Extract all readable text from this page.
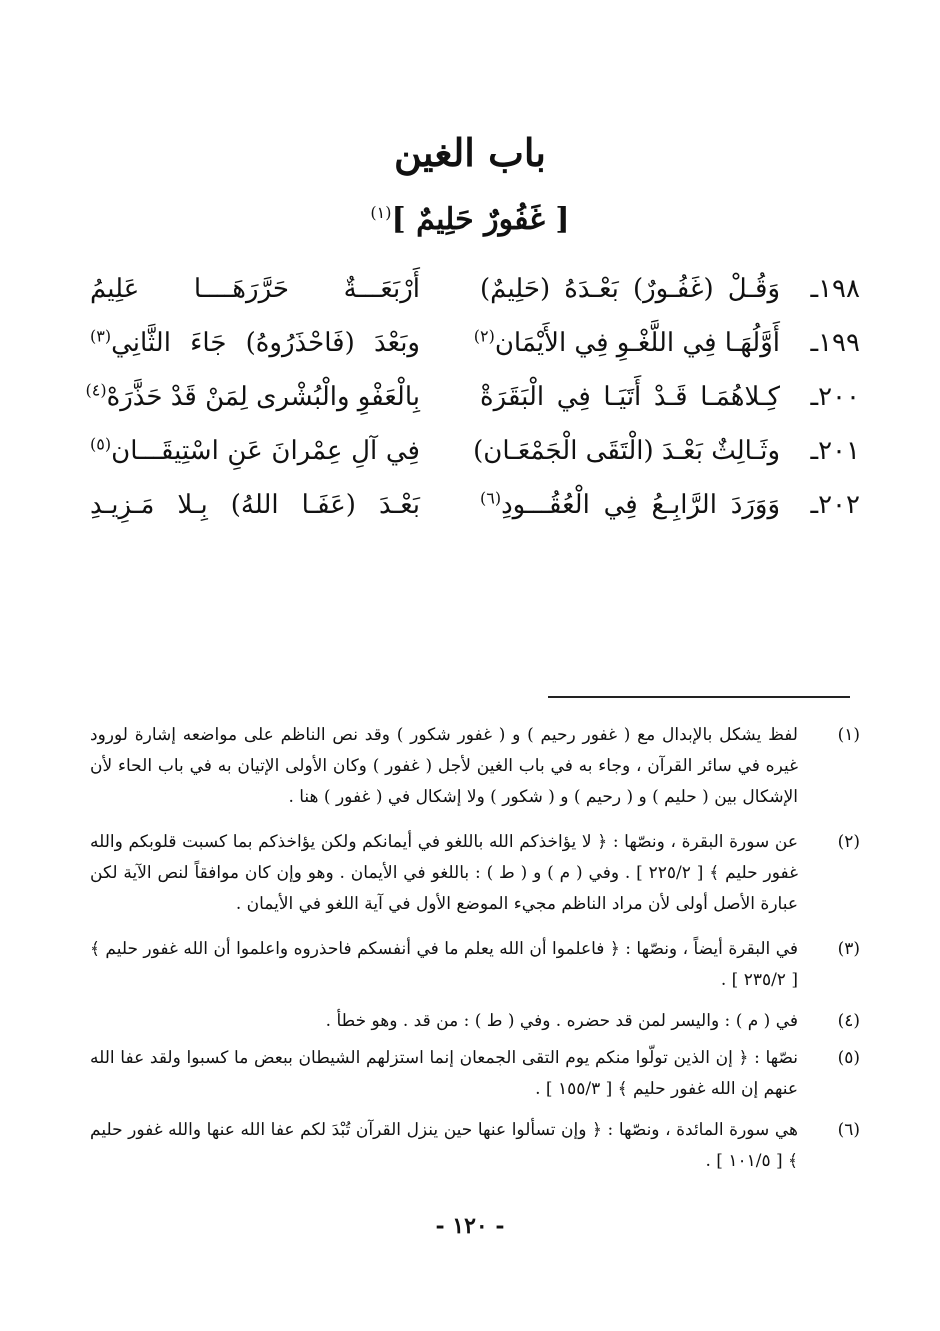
باب الغين
[ غَفُورٌ حَلِيمٌ ]$^{(١)}$
١٩٨ـ
وَقُـلْ (غَفُـورٌ) بَعْـدَهُ (حَلِيمٌ)
أَرْبَعَـــةٌ حَرَّرَهَــــا عَلِيمُ
١٩٩ـ
أَوَّلُهَـا فِي اللَّغْـوِ فِي الأَيْمَان$^{(٢)}$
وبَعْدَ (فَاحْذَرُوهُ) جَاءَ الثَّانِي$^{(٣)}$
٢٠٠ـ
كِـلاهُمَـا قَـدْ أَتَيَـا فِي الْبَقَرَةْ
بِالْعَفْوِ والْبُشْرى لِمَنْ قَدْ حَذَّرَهْ$^{(٤)}$
٢٠١ـ
وثَـالِثٌ بَعْـدَ (الْتَقَى الْجَمْعَـان)
فِي آلِ عِمْرانَ عَنِ اسْتِيقَـــان$^{(٥)}$
٢٠٢ـ
وَوَرَدَ الرَّابِـعُ فِي الْعُقُـــودِ$^{(٦)}$
بَعْـدَ (عَفَـا اللهُ) بِـلا مَـزِيـدِ
(١)
لفظ يشكل بالإبدال مع ( غفور رحيم ) و ( غفور شكور ) وقد نص الناظم على مواضعه إشارة لورود غيره في سائر القرآن ، وجاء به في باب الغين لأجل ( غفور ) وكان الأولى الإتيان به في باب الحاء لأن الإشكال بين ( حليم ) و ( رحيم ) و ( شكور ) ولا إشكال في ( غفور ) هنا .
(٢)
عن سورة البقرة ، ونصّها : ﴿ لا يؤاخذكم الله باللغو في أيمانكم ولكن يؤاخذكم بما كسبت قلوبكم والله غفور حليم ﴾ [ ٢٢٥/٢ ] . وفي ( م ) و ( ط ) : باللغو في الأيمان . وهو وإن كان موافقاً لنص الآية لكن عبارة الأصل أولى لأن مراد الناظم مجيء الموضع الأول في آية اللغو في الأيمان .
(٣)
في البقرة أيضاً ، ونصّها : ﴿ فاعلموا أن الله يعلم ما في أنفسكم فاحذروه واعلموا أن الله غفور حليم ﴾ [ ٢٣٥/٢ ] .
(٤)
في ( م ) : واليسر لمن قد حضره . وفي ( ط ) : من قد . وهو خطأ .
(٥)
نصّها : ﴿ إن الذين تولّوا منكم يوم التقى الجمعان إنما استزلهم الشيطان ببعض ما كسبوا ولقد عفا الله عنهم إن الله غفور حليم ﴾ [ ١٥٥/٣ ] .
(٦)
هي سورة المائدة ، ونصّها : ﴿ وإن تسألوا عنها حين ينزل القرآن تُبْدَ لكم عفا الله عنها والله غفور حليم ﴾ [ ١٠١/٥ ] .
- ١٢٠ -
